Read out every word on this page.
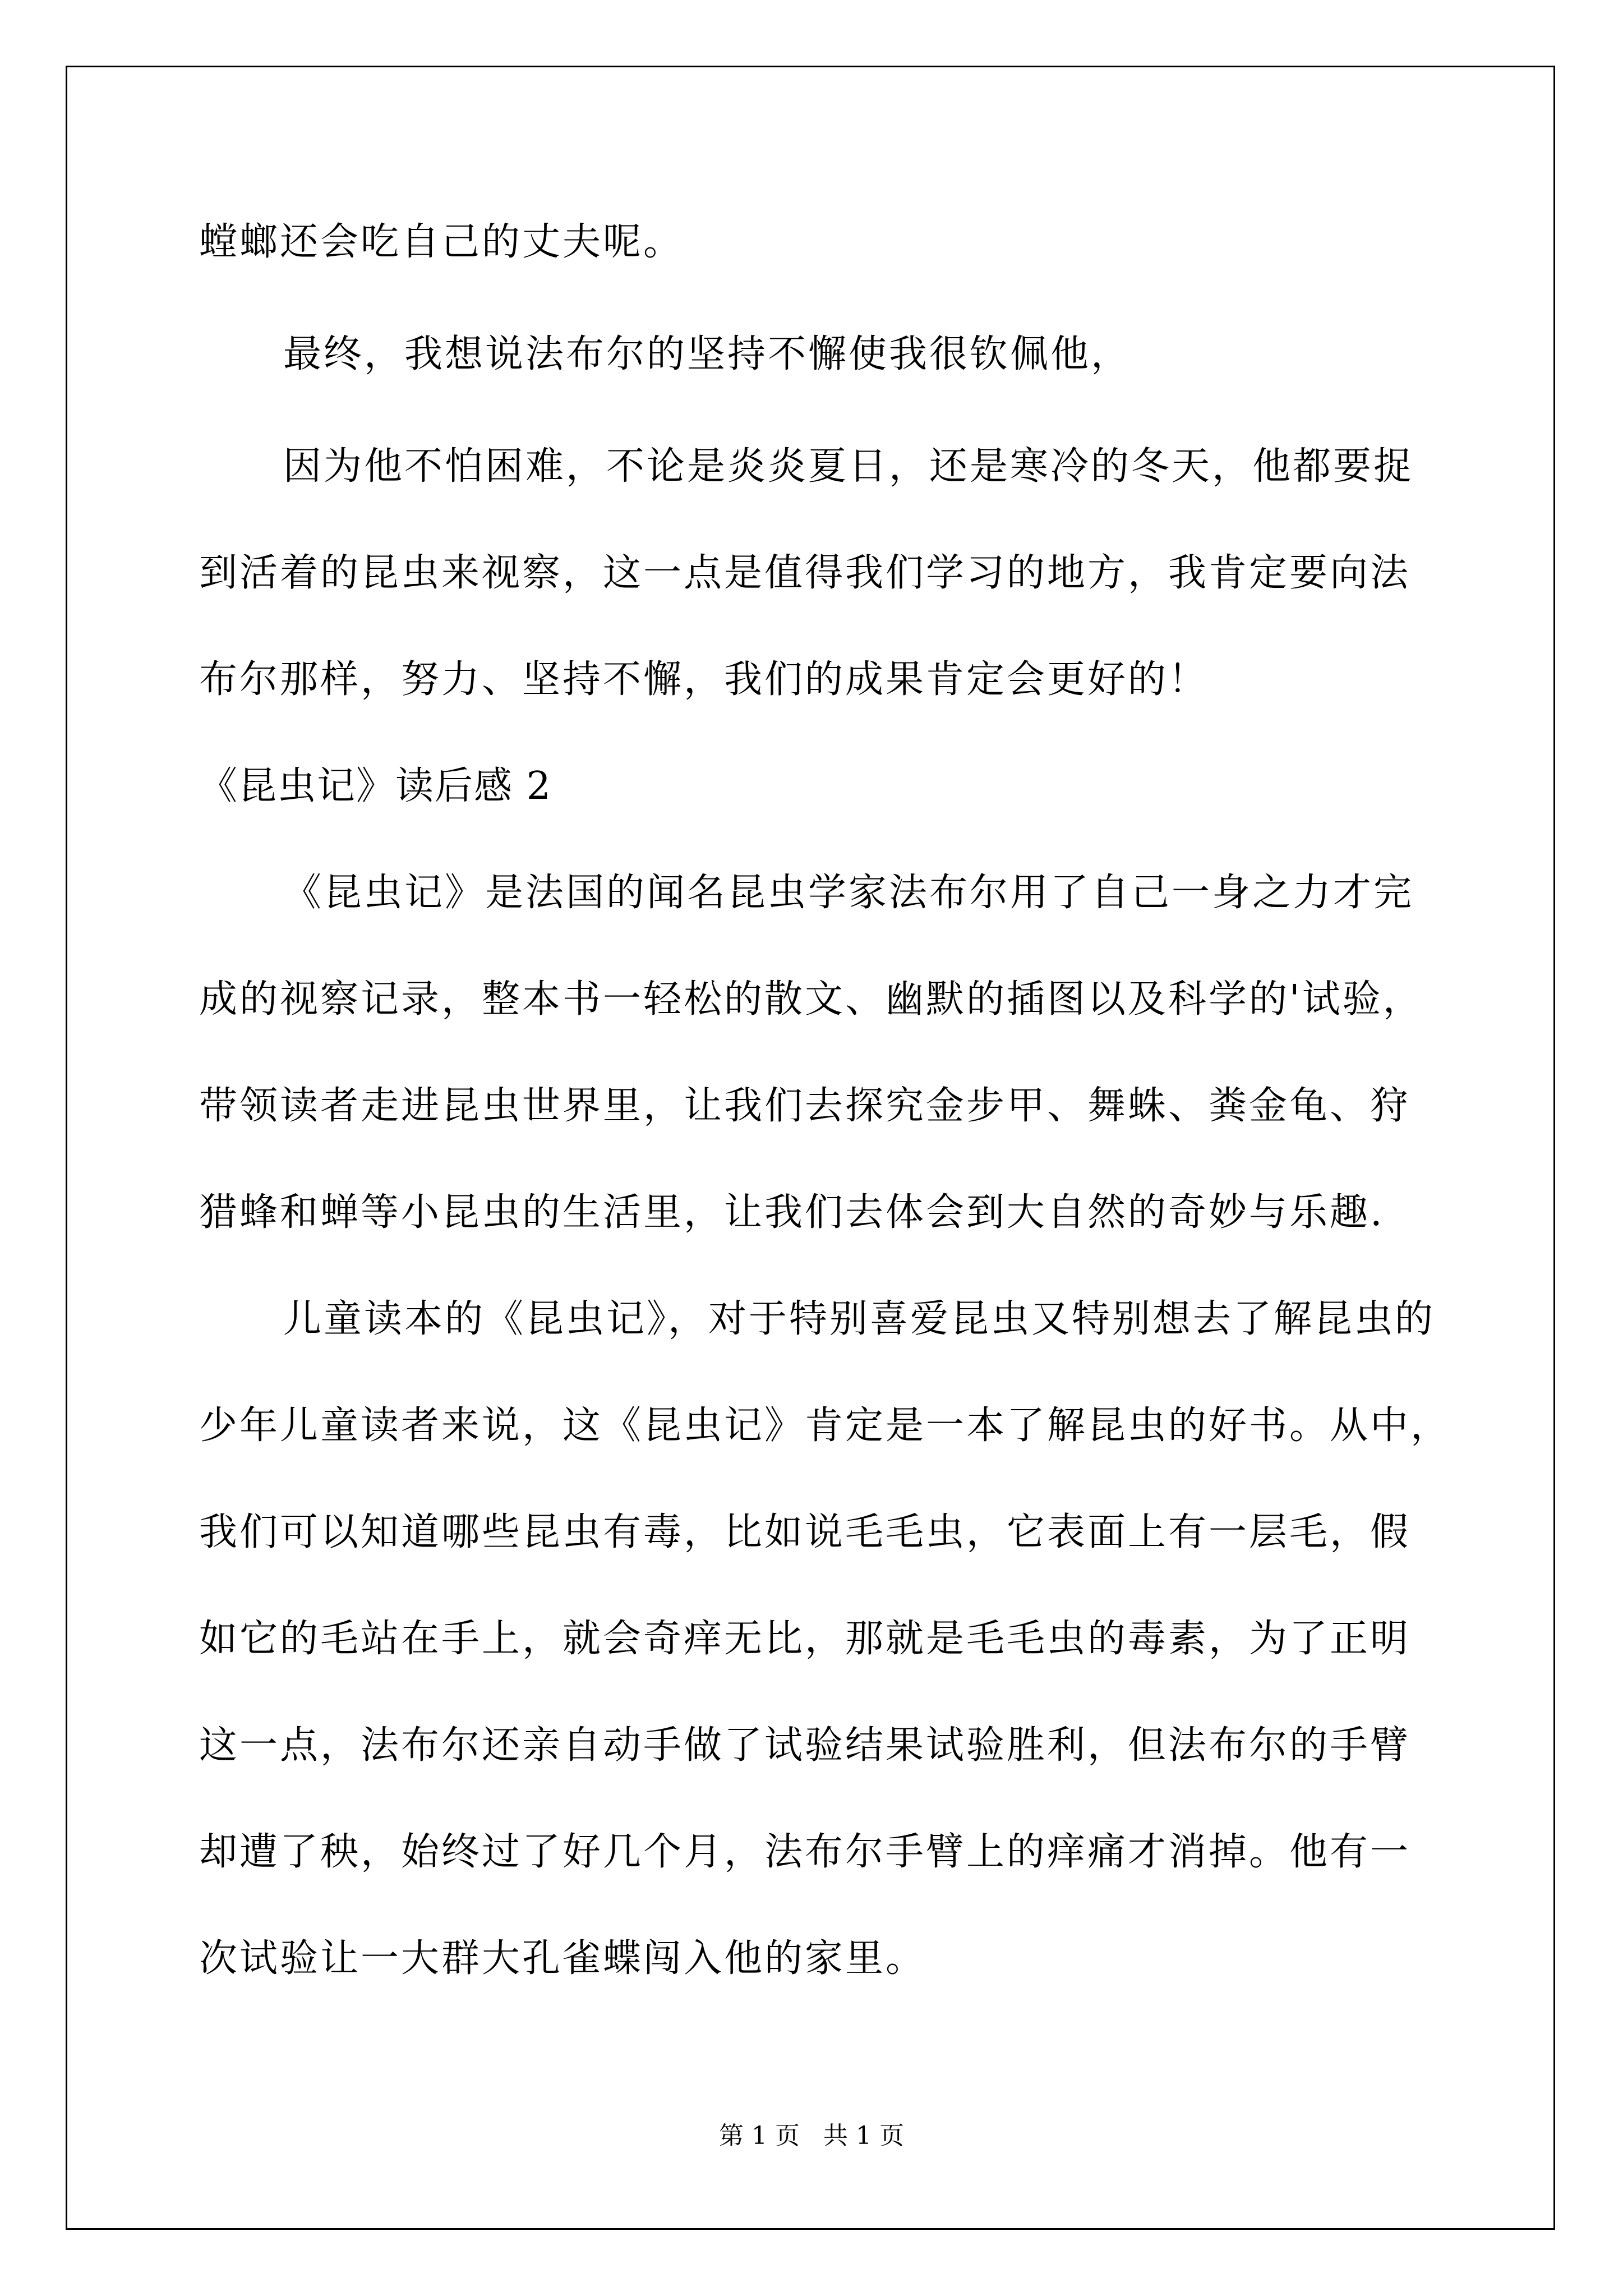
螳螂还会吃自己的丈夫呢。
最终，我想说法布尔的坚持不懈使我很钦佩他，
因为他不怕困难，不论是炎炎夏日，还是寒冷的冬天，他都要捉
到活着的昆虫来视察，这一点是值得我们学习的地方，我肯定要向法
布尔那样，努力、坚持不懈，我们的成果肯定会更好的！
《昆虫记》读后感 2
《昆虫记》是法国的闻名昆虫学家法布尔用了自己一身之力才完
成的视察记录，整本书一轻松的散文、幽默的插图以及科学的'试验，
带领读者走进昆虫世界里，让我们去探究金步甲、舞蛛、粪金龟、狩
猎蜂和蝉等小昆虫的生活里，让我们去体会到大自然的奇妙与乐趣.
儿童读本的《昆虫记》，对于特别喜爱昆虫又特别想去了解昆虫的
少年儿童读者来说，这《昆虫记》肯定是一本了解昆虫的好书。从中，
我们可以知道哪些昆虫有毒，比如说毛毛虫，它表面上有一层毛，假
如它的毛站在手上，就会奇痒无比，那就是毛毛虫的毒素，为了正明
这一点，法布尔还亲自动手做了试验结果试验胜利，但法布尔的手臂
却遭了秧，始终过了好几个月，法布尔手臂上的痒痛才消掉。他有一
次试验让一大群大孔雀蝶闯入他的家里。
第 1 页   共 1 页
